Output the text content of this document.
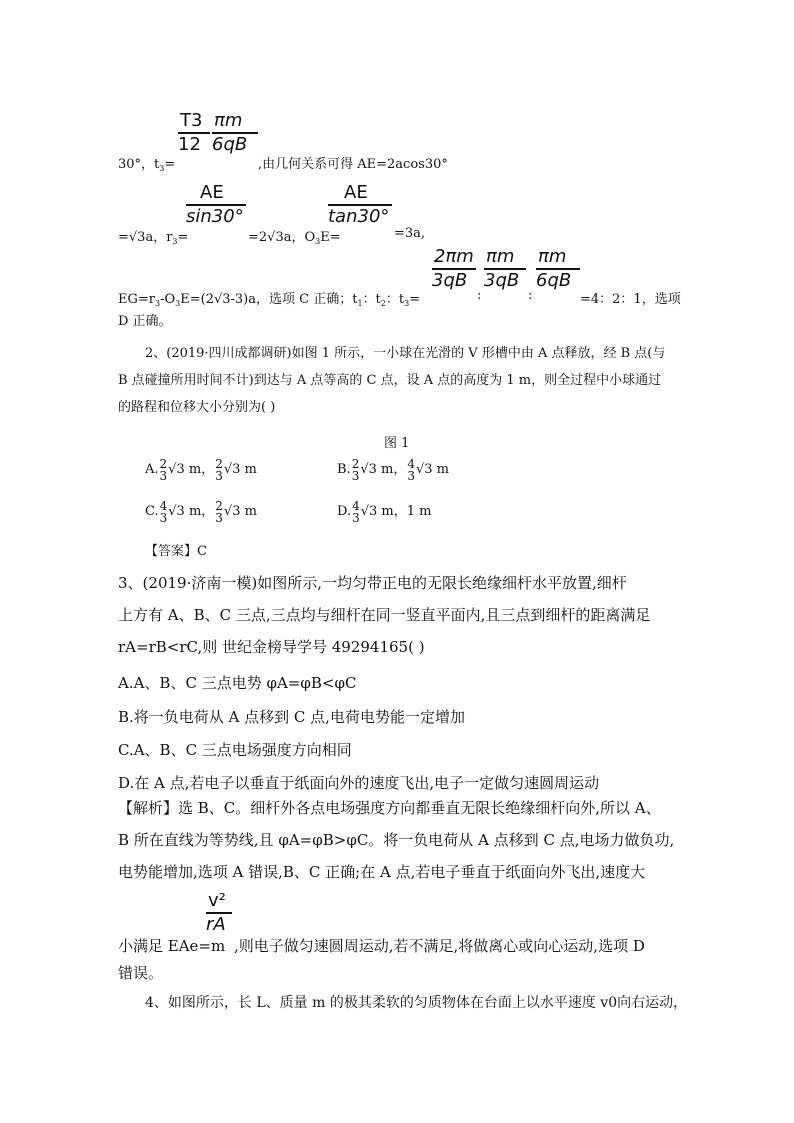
T3
12
πm
6qB
30°，$t_3=$	,由几何关系可得 AE=2acos30°
AE
sin30°
AE
tan30°
=√3a，$r_3=$	=2√3a，$O_3E=$	=3a,
2πm
3qB
πm
3qB
πm
6qB
$EG=r_3-O_3E=(2√3-3)a$，选项 C 正确；$t_1$：$t_2$：$t_3=$	:	:	=4：2：1，选项
D 正确。
2、(2019·四川成都调研)如图 1 所示，一小球在光滑的 V 形槽中由 A 点释放，经 B 点(与
B 点碰撞所用时间不计)到达与 A 点等高的 C 点，设 A 点的高度为 1 m，则全过程中小球通过
的路程和位移大小分别为( )
图 1
A. 2
3 √3 m， 2
3 √3 m	B. 2
3 √3 m， 4
3 √3 m
C. 4
3 √3 m， 2
3 √3 m	D. 4
3 √3 m，1 m
【答案】C
3、(2019·济南一模)如图所示,一均匀带正电的无限长绝缘细杆水平放置,细杆
上方有 A、B、C 三点,三点均与细杆在同一竖直平面内,且三点到细杆的距离满足
rA=rB<rC,则 世纪金榜导学号 49294165( )
A.A、B、C 三点电势 φA=φB<φC
B.将一负电荷从 A 点移到 C 点,电荷电势能一定增加
C.A、B、C 三点电场强度方向相同
D.在 A 点,若电子以垂直于纸面向外的速度飞出,电子一定做匀速圆周运动
【解析】选 B、C。细杆外各点电场强度方向都垂直无限长绝缘细杆向外,所以 A、
B 所在直线为等势线,且 φA=φB>φC。将一负电荷从 A 点移到 C 点,电场力做负功,
电势能增加,选项 A 错误,B、C 正确;在 A 点,若电子垂直于纸面向外飞出,速度大
v²
rA
小满足 EAe=m ,则电子做匀速圆周运动,若不满足,将做离心或向心运动,选项 D
错误。
4、如图所示，长 L、质量 m 的极其柔软的匀质物体在台面上以水平速度 v0向右运动，
